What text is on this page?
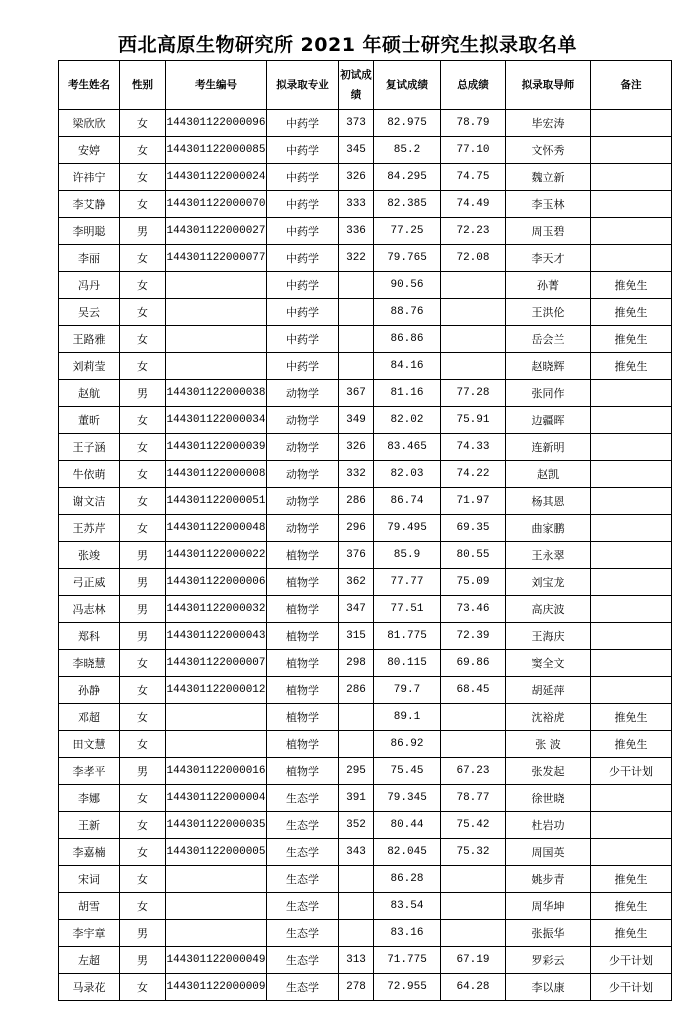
西北高原生物研究所 2021 年硕士研究生拟录取名单
考生姓名	性别	考生编号	拟录取专业	初试成绩	复试成绩	总成绩	拟录取导师	备注
梁欣欣	女	144301122000096	中药学	373	82.975	78.79	毕宏涛	
安婷	女	144301122000085	中药学	345	85.2	77.10	文怀秀	
许祎宁	女	144301122000024	中药学	326	84.295	74.75	魏立新	
李艾静	女	144301122000070	中药学	333	82.385	74.49	李玉林	
李明聪	男	144301122000027	中药学	336	77.25	72.23	周玉碧	
李丽	女	144301122000077	中药学	322	79.765	72.08	李天才	
冯丹	女		中药学		90.56		孙菁	推免生
吴云	女		中药学		88.76		王洪伦	推免生
王路雅	女		中药学		86.86		岳会兰	推免生
刘莉莹	女		中药学		84.16		赵晓辉	推免生
赵航	男	144301122000038	动物学	367	81.16	77.28	张同作	
董昕	女	144301122000034	动物学	349	82.02	75.91	边疆晖	
王子涵	女	144301122000039	动物学	326	83.465	74.33	连新明	
牛依萌	女	144301122000008	动物学	332	82.03	74.22	赵凯	
谢文洁	女	144301122000051	动物学	286	86.74	71.97	杨其恩	
王苏芹	女	144301122000048	动物学	296	79.495	69.35	曲家鹏	
张竣	男	144301122000022	植物学	376	85.9	80.55	王永翠	
弓正威	男	144301122000006	植物学	362	77.77	75.09	刘宝龙	
冯志林	男	144301122000032	植物学	347	77.51	73.46	高庆波	
郑科	男	144301122000043	植物学	315	81.775	72.39	王海庆	
李晓慧	女	144301122000007	植物学	298	80.115	69.86	窦全文	
孙静	女	144301122000012	植物学	286	79.7	68.45	胡延萍	
邓超	女		植物学		89.1		沈裕虎	推免生
田文慧	女		植物学		86.92		张 波	推免生
李孝平	男	144301122000016	植物学	295	75.45	67.23	张发起	少干计划
李娜	女	144301122000004	生态学	391	79.345	78.77	徐世晓	
王新	女	144301122000035	生态学	352	80.44	75.42	杜岩功	
李嘉楠	女	144301122000005	生态学	343	82.045	75.32	周国英	
宋词	女		生态学		86.28		姚步青	推免生
胡雪	女		生态学		83.54		周华坤	推免生
李宇章	男		生态学		83.16		张振华	推免生
左超	男	144301122000049	生态学	313	71.775	67.19	罗彩云	少干计划
马录花	女	144301122000009	生态学	278	72.955	64.28	李以康	少干计划
